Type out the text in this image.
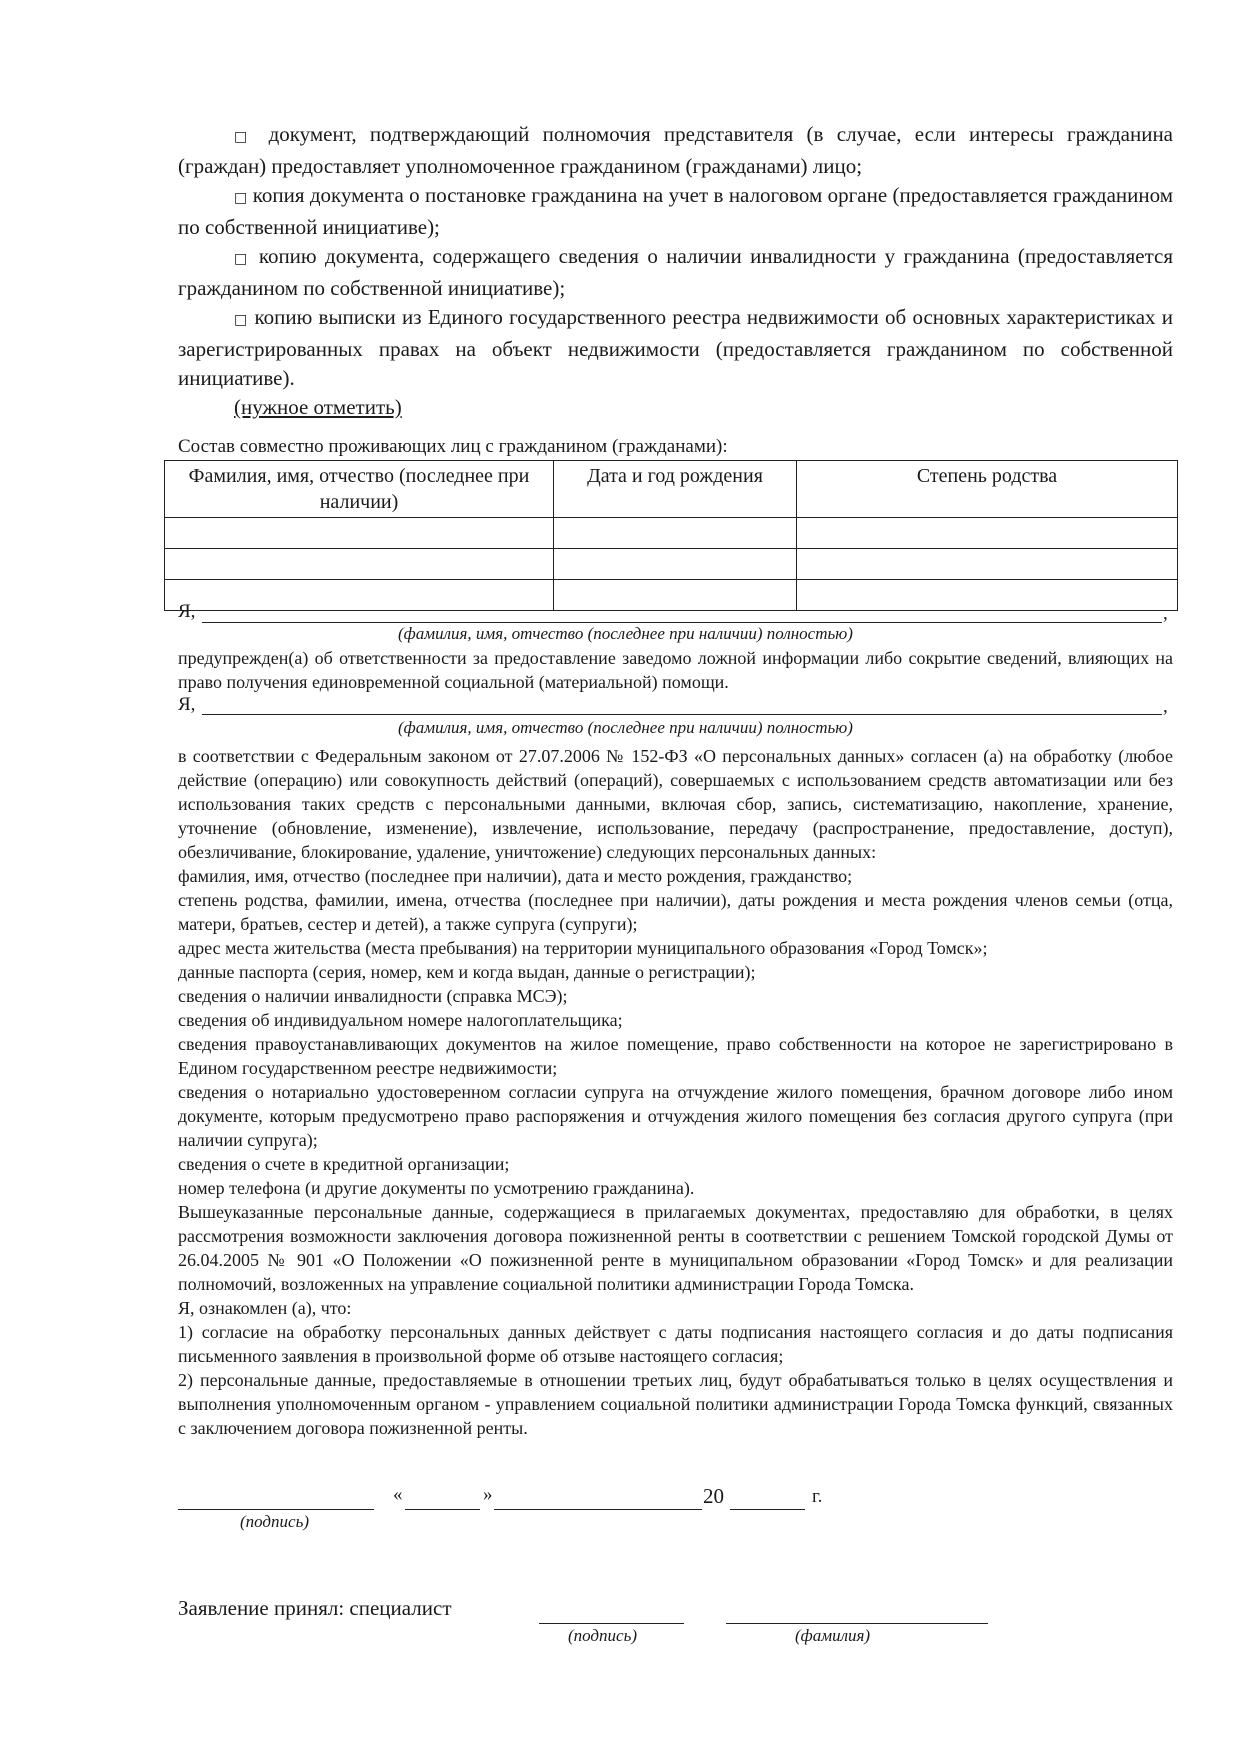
□ документ, подтверждающий полномочия представителя (в случае, если интересы гражданина (граждан) предоставляет уполномоченное гражданином (гражданами) лицо;

□ копия документа о постановке гражданина на учет в налоговом органе (предоставляется гражданином по собственной инициативе);

□ копию документа, содержащего сведения о наличии инвалидности у гражданина (предоставляется гражданином по собственной инициативе);

□ копию выписки из Единого государственного реестра недвижимости об основных характеристиках и зарегистрированных правах на объект недвижимости (предоставляется гражданином по собственной инициативе).

(нужное отметить)

Состав совместно проживающих лиц с гражданином (гражданами):
Фамилия, имя, отчество (последнее при наличии)	Дата и год рождения	Степень родства

Я,	,
(фамилия, имя, отчество (последнее при наличии) полностью)

предупрежден(а) об ответственности за предоставление заведомо ложной информации либо сокрытие сведений, влияющих на право получения единовременной социальной (материальной) помощи.

Я,	,
(фамилия, имя, отчество (последнее при наличии) полностью)

в соответствии с Федеральным законом от 27.07.2006 № 152-ФЗ «О персональных данных» согласен (а) на обработку (любое действие (операцию) или совокупность действий (операций), совершаемых с использованием средств автоматизации или без использования таких средств с персональными данными, включая сбор, запись, систематизацию, накопление, хранение, уточнение (обновление, изменение), извлечение, использование, передачу (распространение, предоставление, доступ), обезличивание, блокирование, удаление, уничтожение) следующих персональных данных:

фамилия, имя, отчество (последнее при наличии), дата и место рождения, гражданство;

степень родства, фамилии, имена, отчества (последнее при наличии), даты рождения и места рождения членов семьи (отца, матери, братьев, сестер и детей), а также супруга (супруги);

адрес места жительства (места пребывания) на территории муниципального образования «Город Томск»;

данные паспорта (серия, номер, кем и когда выдан, данные о регистрации);

сведения о наличии инвалидности (справка МСЭ);

сведения об индивидуальном номере налогоплательщика;

сведения правоустанавливающих документов на жилое помещение, право собственности на которое не зарегистрировано в Едином государственном реестре недвижимости;

сведения о нотариально удостоверенном согласии супруга на отчуждение жилого помещения, брачном договоре либо ином документе, которым предусмотрено право распоряжения и отчуждения жилого помещения без согласия другого супруга (при наличии супруга);

сведения о счете в кредитной организации;

номер телефона (и другие документы по усмотрению гражданина).

Вышеуказанные персональные данные, содержащиеся в прилагаемых документах, предоставляю для обработки, в целях рассмотрения возможности заключения договора пожизненной ренты в соответствии с решением Томской городской Думы от 26.04.2005 № 901 «О Положении «О пожизненной ренте в муниципальном образовании «Город Томск» и для реализации полномочий, возложенных на управление социальной политики администрации Города Томска.

Я, ознакомлен (а), что:

1) согласие на обработку персональных данных действует с даты подписания настоящего согласия и до даты подписания письменного заявления в произвольной форме об отзыве настоящего согласия;

2) персональные данные, предоставляемые в отношении третьих лиц, будут обрабатываться только в целях осуществления и выполнения уполномоченным органом - управлением социальной политики администрации Города Томска функций, связанных с заключением договора пожизненной ренты.

«	»	20	г.
(подпись)
Заявление принял: специалист
(подпись)	(фамилия)
